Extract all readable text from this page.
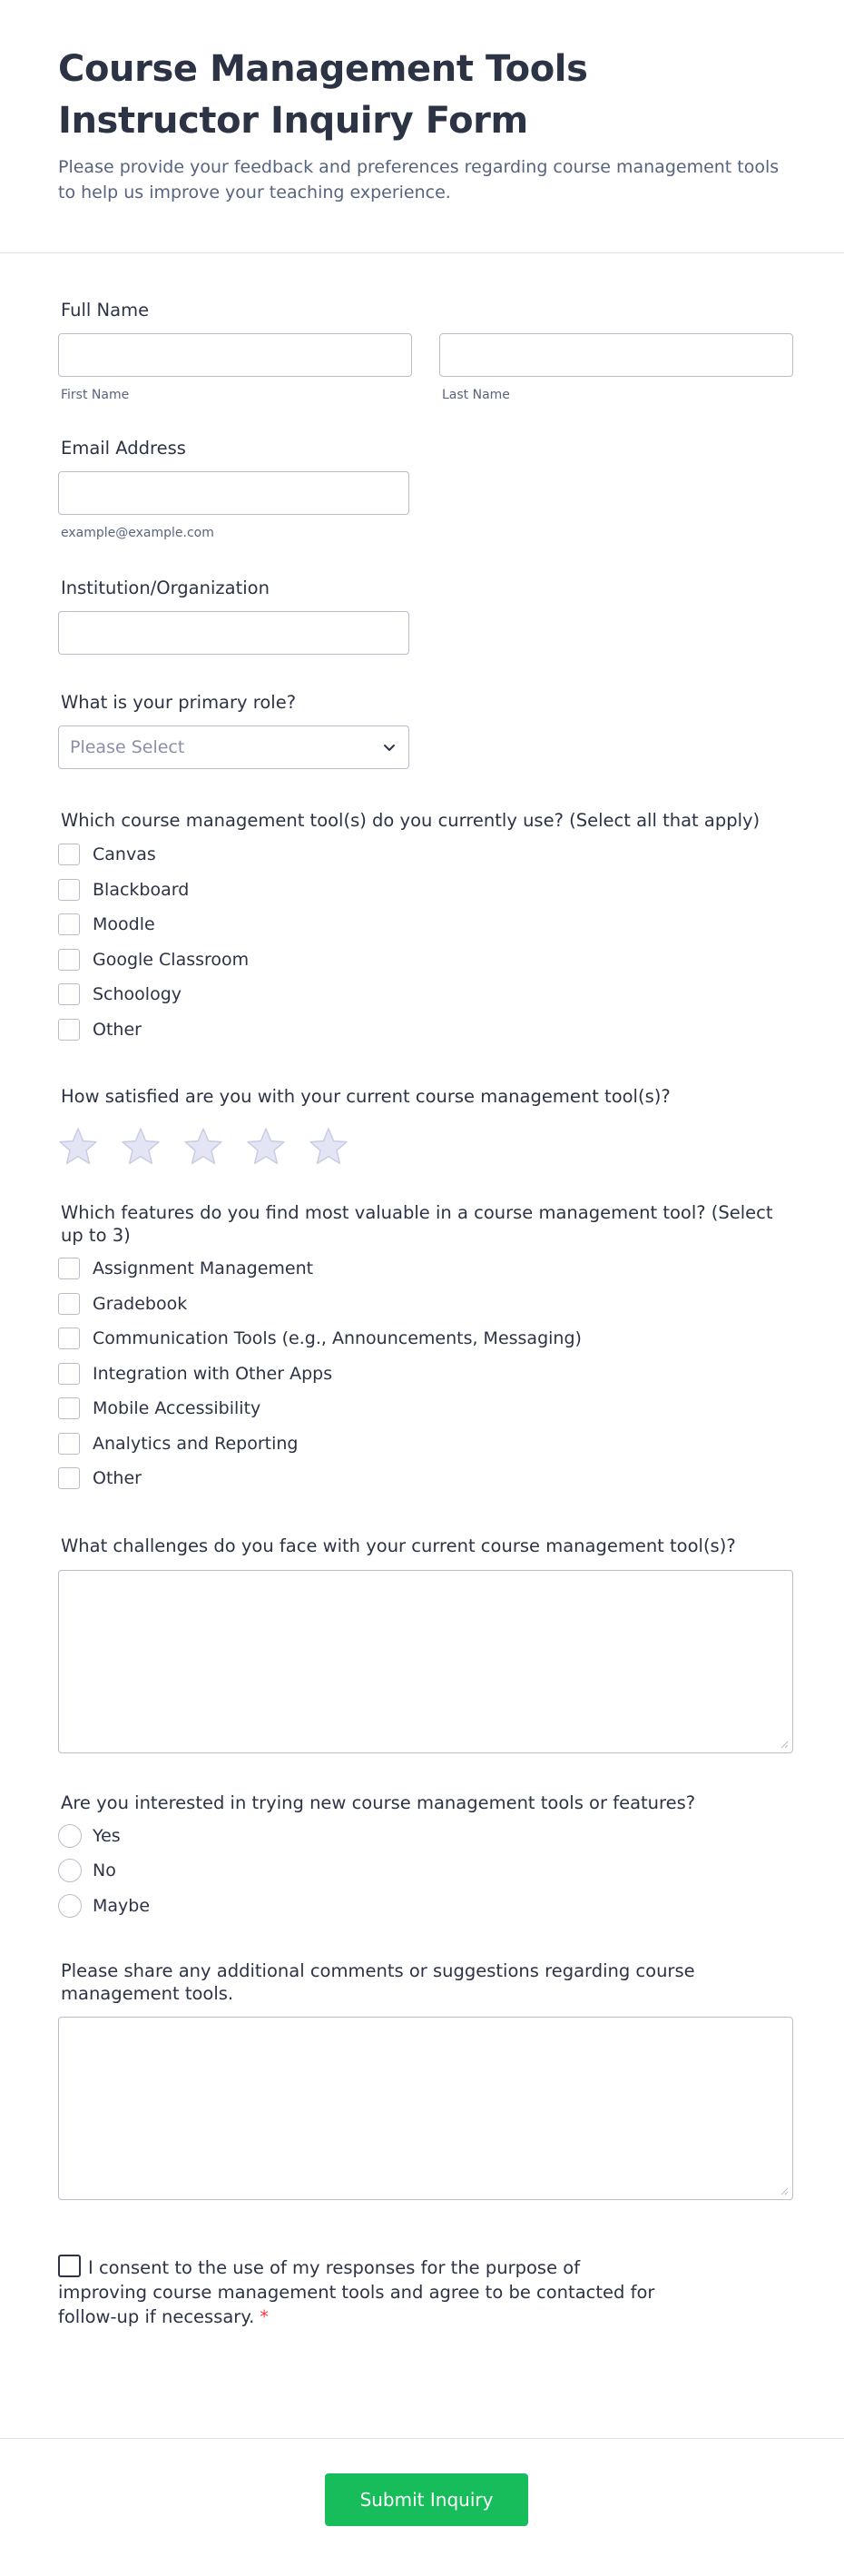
Course Management Tools Instructor Inquiry Form
Please provide your feedback and preferences regarding course management tools to help us improve your teaching experience.
Full Name
First Name	Last Name
Email Address
example@example.com
Institution/Organization
What is your primary role?
Please Select
Which course management tool(s) do you currently use? (Select all that apply)
Canvas
Blackboard
Moodle
Google Classroom
Schoology
Other
How satisfied are you with your current course management tool(s)?
Which features do you find most valuable in a course management tool? (Select up to 3)
Assignment Management
Gradebook
Communication Tools (e.g., Announcements, Messaging)
Integration with Other Apps
Mobile Accessibility
Analytics and Reporting
Other
What challenges do you face with your current course management tool(s)?
Are you interested in trying new course management tools or features?
Yes
No
Maybe
Please share any additional comments or suggestions regarding course management tools.
I consent to the use of my responses for the purpose of improving course management tools and agree to be contacted for follow-up if necessary. *
Submit Inquiry
